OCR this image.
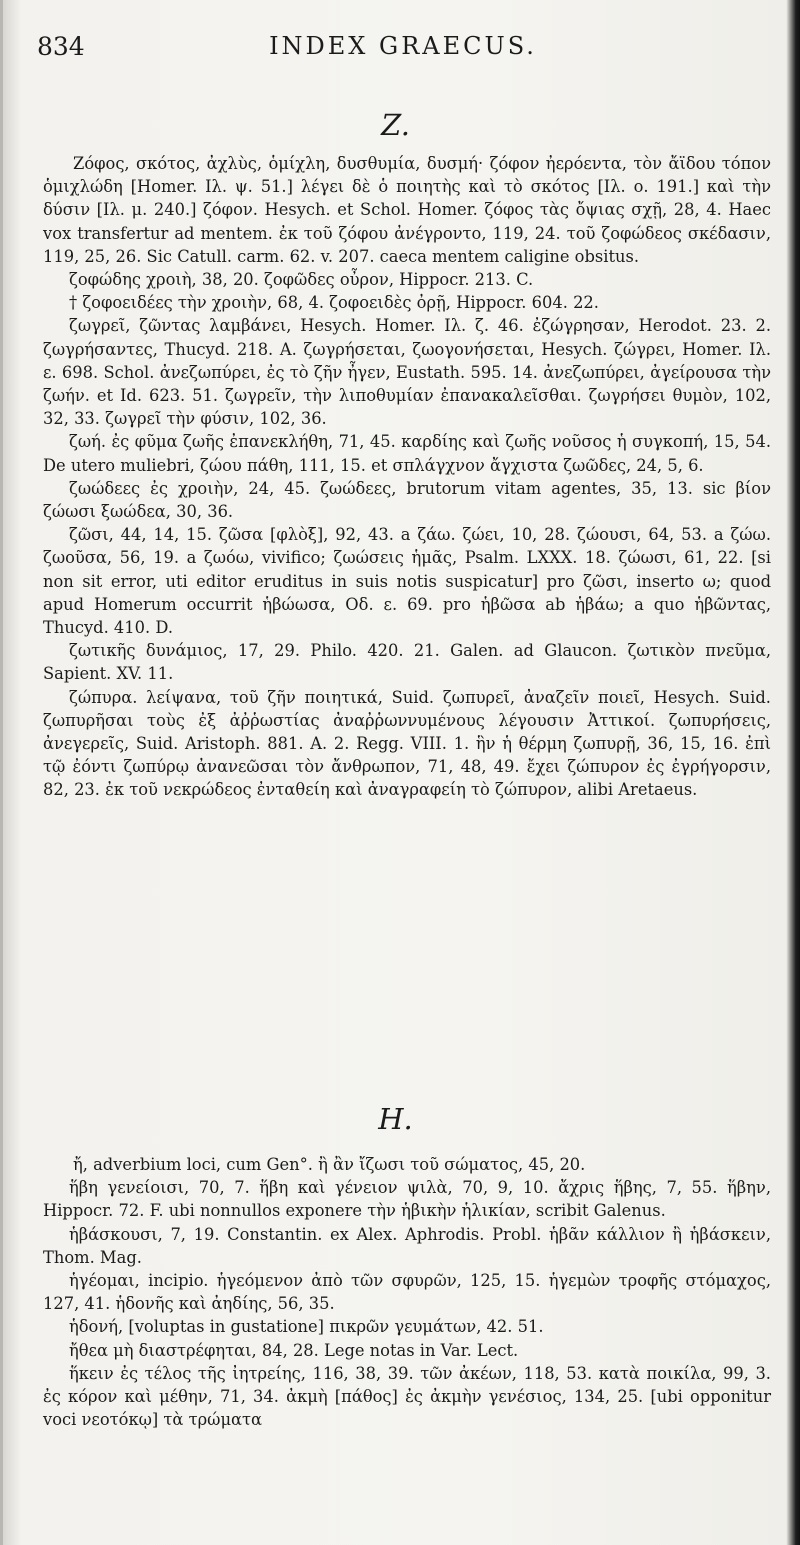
834	INDEX GRAECUS.
Z.

Ζόφος, σκότος, ἀχλὺς, ὁμίχλη, δυσθυμία, δυσμή· ζόφον ἠερόεντα, τὸν ἄϊδου τόπον ὁμιχλώδη [Homer. Ιλ. ψ. 51.] λέγει δὲ ὁ ποιητὴς καὶ τὸ σκότος [Ιλ. ο. 191.] καὶ τὴν δύσιν [Ιλ. μ. 240.] ζόφον. Hesych. et Schol. Homer. ζόφος τὰς ὄψιας σχῇ, 28, 4. Haec vox transfertur ad mentem. ἐκ τοῦ ζόφου ἀνέγροντο, 119, 24. τοῦ ζοφώδεος σκέδασιν, 119, 25, 26. Sic Catull. carm. 62. v. 207. caeca mentem caligine obsitus.

ζοφώδης χροιὴ, 38, 20. ζοφῶδες οὖρον, Hippocr. 213. C.

† ζοφοειδέες τὴν χροιὴν, 68, 4. ζοφοειδὲς ὀρῇ, Hippocr. 604. 22.

ζωγρεῖ, ζῶντας λαμβάνει, Hesych. Homer. Ιλ. ζ. 46. ἐζώγρησαν, Herodot. 23. 2. ζωγρήσαντες, Thucyd. 218. A. ζωγρήσεται, ζωογονήσεται, Hesych. ζώγρει, Homer. Ιλ. ε. 698. Schol. ἀνεζωπύρει, ἐς τὸ ζῆν ἦγεν, Eustath. 595. 14. ἀνεζωπύρει, ἀγείρουσα τὴν ζωήν. et Id. 623. 51. ζωγρεῖν, τὴν λιποθυμίαν ἐπανακαλεῖσθαι. ζωγρήσει θυμὸν, 102, 32, 33. ζωγρεῖ τὴν φύσιν, 102, 36.

ζωή. ἐς φῦμα ζωῆς ἐπανεκλήθη, 71, 45. καρδίης καὶ ζωῆς νοῦσος ἡ συγκοπή, 15, 54. De utero muliebri, ζώου πάθη, 111, 15. et σπλάγχνον ἄγχιστα ζωῶδες, 24, 5, 6.

ζωώδεες ἐς χροιὴν, 24, 45. ζωώδεες, brutorum vitam agentes, 35, 13. sic βίον ζώωσι ξωώδεα, 30, 36.

ζῶσι, 44, 14, 15. ζῶσα [φλὸξ], 92, 43. a ζάω. ζώει, 10, 28. ζώουσι, 64, 53. a ζώω. ζωοῦσα, 56, 19. a ζωόω, vivifico; ζωώσεις ἡμᾶς, Psalm. LXXX. 18. ζώωσι, 61, 22. [si non sit error, uti editor eruditus in suis notis suspicatur] pro ζῶσι, inserto ω; quod apud Homerum occurrit ἡβώωσα, Οδ. ε. 69. pro ἡβῶσα ab ἡβάω; a quo ἡβῶντας, Thucyd. 410. D.

ζωτικῆς δυνάμιος, 17, 29. Philo. 420. 21. Galen. ad Glaucon. ζωτικὸν πνεῦμα, Sapient. XV. 11.

ζώπυρα. λείψανα, τοῦ ζῆν ποιητικά, Suid. ζωπυρεῖ, ἀναζεῖν ποιεῖ, Hesych. Suid. ζωπυρῆσαι τοὺς ἐξ ἀῤῥωστίας ἀναῤῥωννυμένους λέγουσιν Ἀττικοί. ζωπυρήσεις, ἀνεγερεῖς, Suid. Aristoph. 881. A. 2. Regg. VIII. 1. ἣν ἡ θέρμη ζωπυρῇ, 36, 15, 16. ἐπὶ τῷ ἐόντι ζωπύρῳ ἀνανεῶσαι τὸν ἄνθρωπον, 71, 48, 49. ἔχει ζώπυρον ἐς ἐγρήγορσιν, 82, 23. ἐκ τοῦ νεκρώδεος ἐνταθείη καὶ ἀναγραφείη τὸ ζώπυρον, alibi Aretaeus.

H.

ἤ, adverbium loci, cum Gen°. ἢ ἂν ἴζωσι τοῦ σώματος, 45, 20.

ἥβη γενείοισι, 70, 7. ἥβη καὶ γένειον ψιλὰ, 70, 9, 10. ἄχρις ἥβης, 7, 55. ἥβην, Hippocr. 72. F. ubi nonnullos exponere τὴν ἡβικὴν ἡλικίαν, scribit Galenus.

ἡβάσκουσι, 7, 19. Constantin. ex Alex. Aphrodis. Probl. ἡβᾶν κάλλιον ἢ ἡβάσκειν, Thom. Mag.

ἡγέομαι, incipio. ἡγεόμενον ἀπὸ τῶν σφυρῶν, 125, 15. ἡγεμὼν τροφῆς στόμαχος, 127, 41. ἡδονῆς καὶ ἀηδίης, 56, 35.

ἡδονή, [voluptas in gustatione] πικρῶν γευμάτων, 42. 51.

ἤθεα μὴ διαστρέφηται, 84, 28. Lege notas in Var. Lect.

ἥκειν ἐς τέλος τῆς ἰητρείης, 116, 38, 39. τῶν ἀκέων, 118, 53. κατὰ ποικίλα, 99, 3. ἐς κόρον καὶ μέθην, 71, 34. ἀκμὴ [πάθος] ἐς ἀκμὴν γενέσιος, 134, 25. [ubi opponitur voci νεοτόκῳ] τὰ τρώματα
